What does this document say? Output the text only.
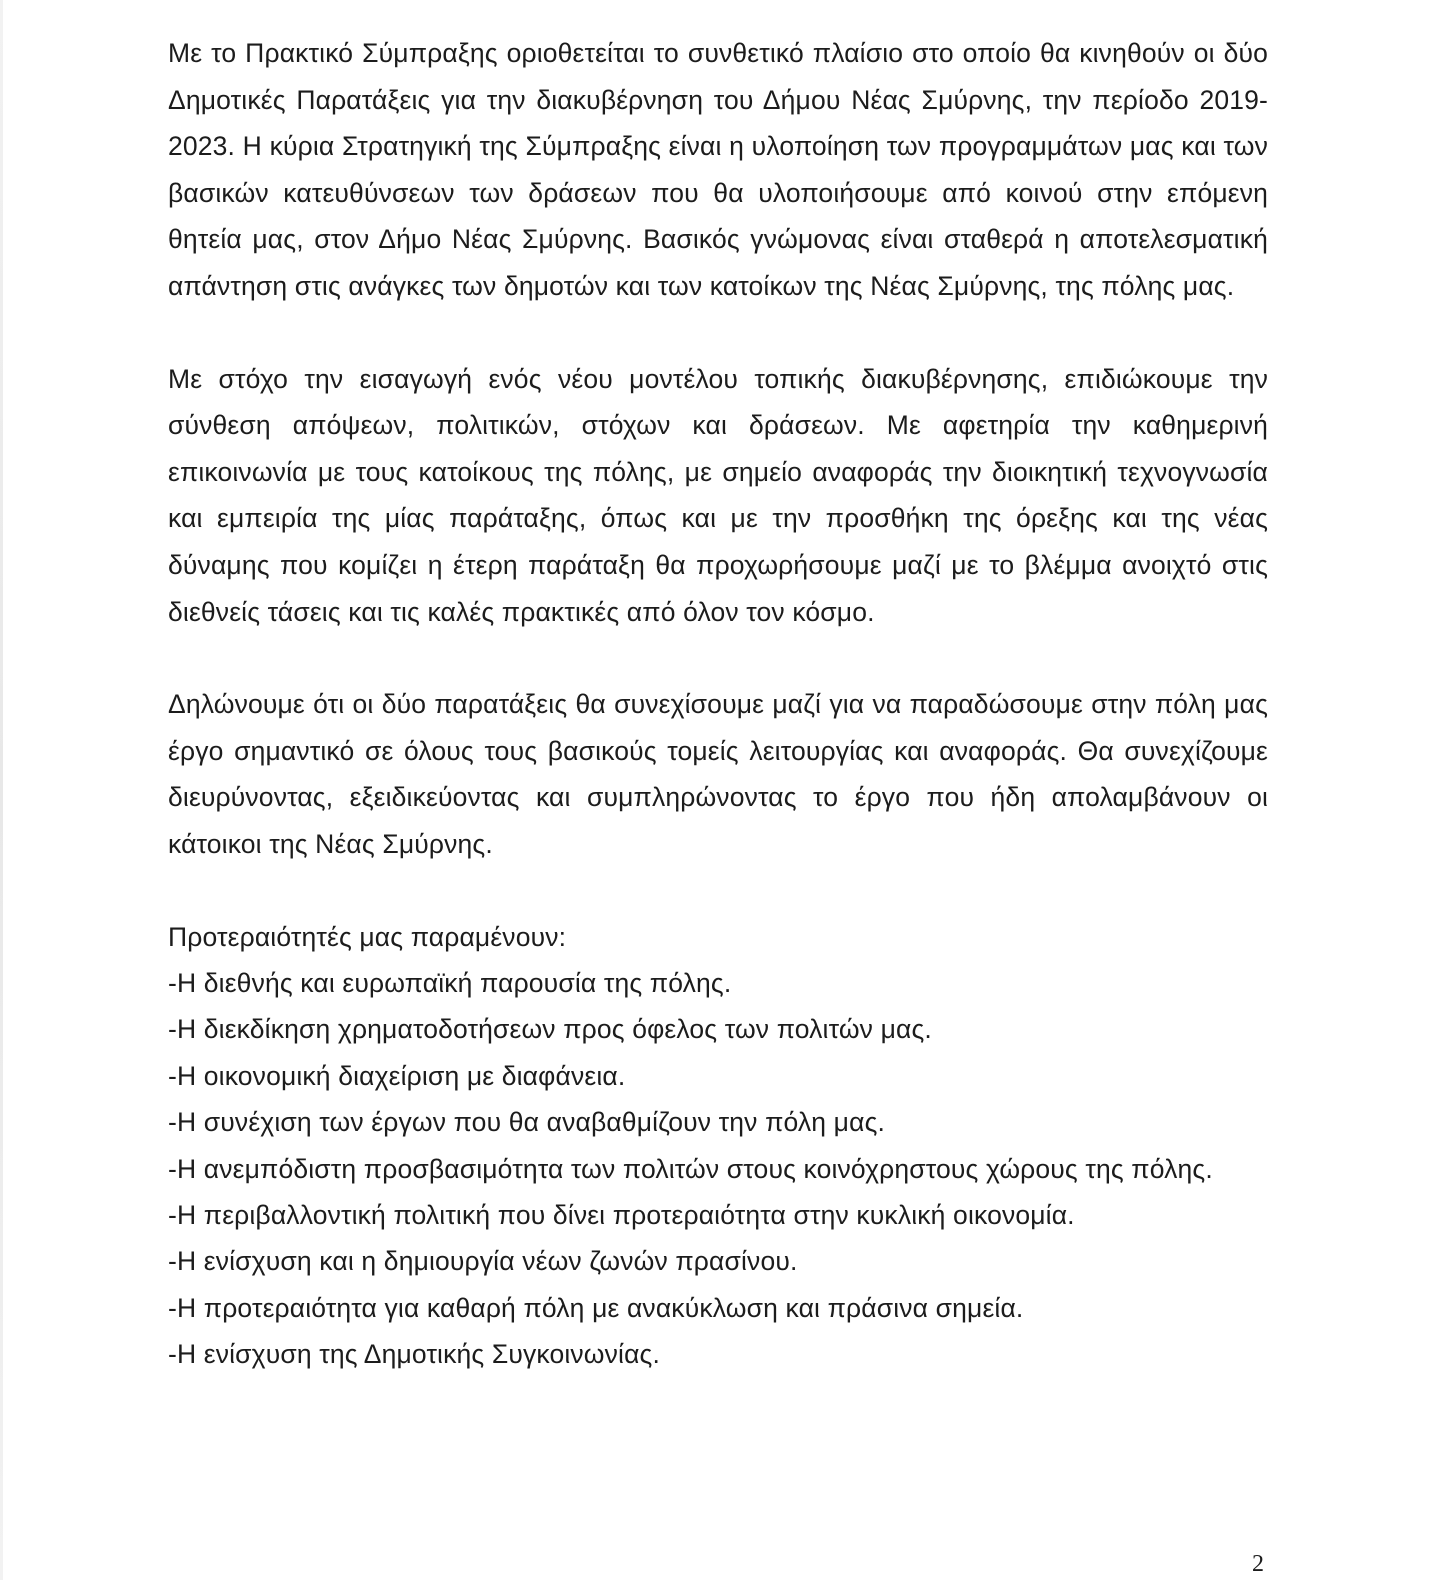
Με το Πρακτικό Σύμπραξης οριοθετείται το συνθετικό πλαίσιο στο οποίο θα κινηθούν οι δύο Δημοτικές Παρατάξεις για την διακυβέρνηση του Δήμου Νέας Σμύρνης, την περίοδο 2019-2023. Η κύρια Στρατηγική της Σύμπραξης είναι η υλοποίηση των προγραμμάτων μας και των βασικών κατευθύνσεων των δράσεων που θα υλοποιήσουμε από κοινού στην επόμενη θητεία μας, στον Δήμο Νέας Σμύρνης. Βασικός γνώμονας είναι σταθερά η αποτελεσματική απάντηση στις ανάγκες των δημοτών και των κατοίκων της Νέας Σμύρνης, της πόλης μας.

Με στόχο την εισαγωγή ενός νέου μοντέλου τοπικής διακυβέρνησης, επιδιώκουμε την σύνθεση απόψεων, πολιτικών, στόχων και δράσεων. Με αφετηρία την καθημερινή επικοινωνία με τους κατοίκους της πόλης, με σημείο αναφοράς την διοικητική τεχνογνωσία και εμπειρία της μίας παράταξης, όπως και με την προσθήκη της όρεξης και της νέας δύναμης που κομίζει η έτερη παράταξη θα προχωρήσουμε μαζί με το βλέμμα ανοιχτό στις διεθνείς τάσεις και τις καλές πρακτικές από όλον τον κόσμο.

Δηλώνουμε ότι οι δύο παρατάξεις θα συνεχίσουμε μαζί για να παραδώσουμε στην πόλη μας έργο σημαντικό σε όλους τους βασικούς τομείς λειτουργίας και αναφοράς. Θα συνεχίζουμε διευρύνοντας, εξειδικεύοντας και συμπληρώνοντας το έργο που ήδη απολαμβάνουν οι κάτοικοι της Νέας Σμύρνης.

Προτεραιότητές μας παραμένουν:

-Η διεθνής και ευρωπαϊκή παρουσία της πόλης.
-Η διεκδίκηση χρηματοδοτήσεων προς όφελος των πολιτών μας.
-Η οικονομική διαχείριση με διαφάνεια.
-Η συνέχιση των έργων που θα αναβαθμίζουν την πόλη μας.
-Η ανεμπόδιστη προσβασιμότητα των πολιτών στους κοινόχρηστους χώρους της πόλης.
-Η περιβαλλοντική πολιτική που δίνει προτεραιότητα στην κυκλική οικονομία.
-Η ενίσχυση και η δημιουργία νέων ζωνών πρασίνου.
-Η προτεραιότητα για καθαρή πόλη με ανακύκλωση και πράσινα σημεία.
-Η ενίσχυση της Δημοτικής Συγκοινωνίας.
2
